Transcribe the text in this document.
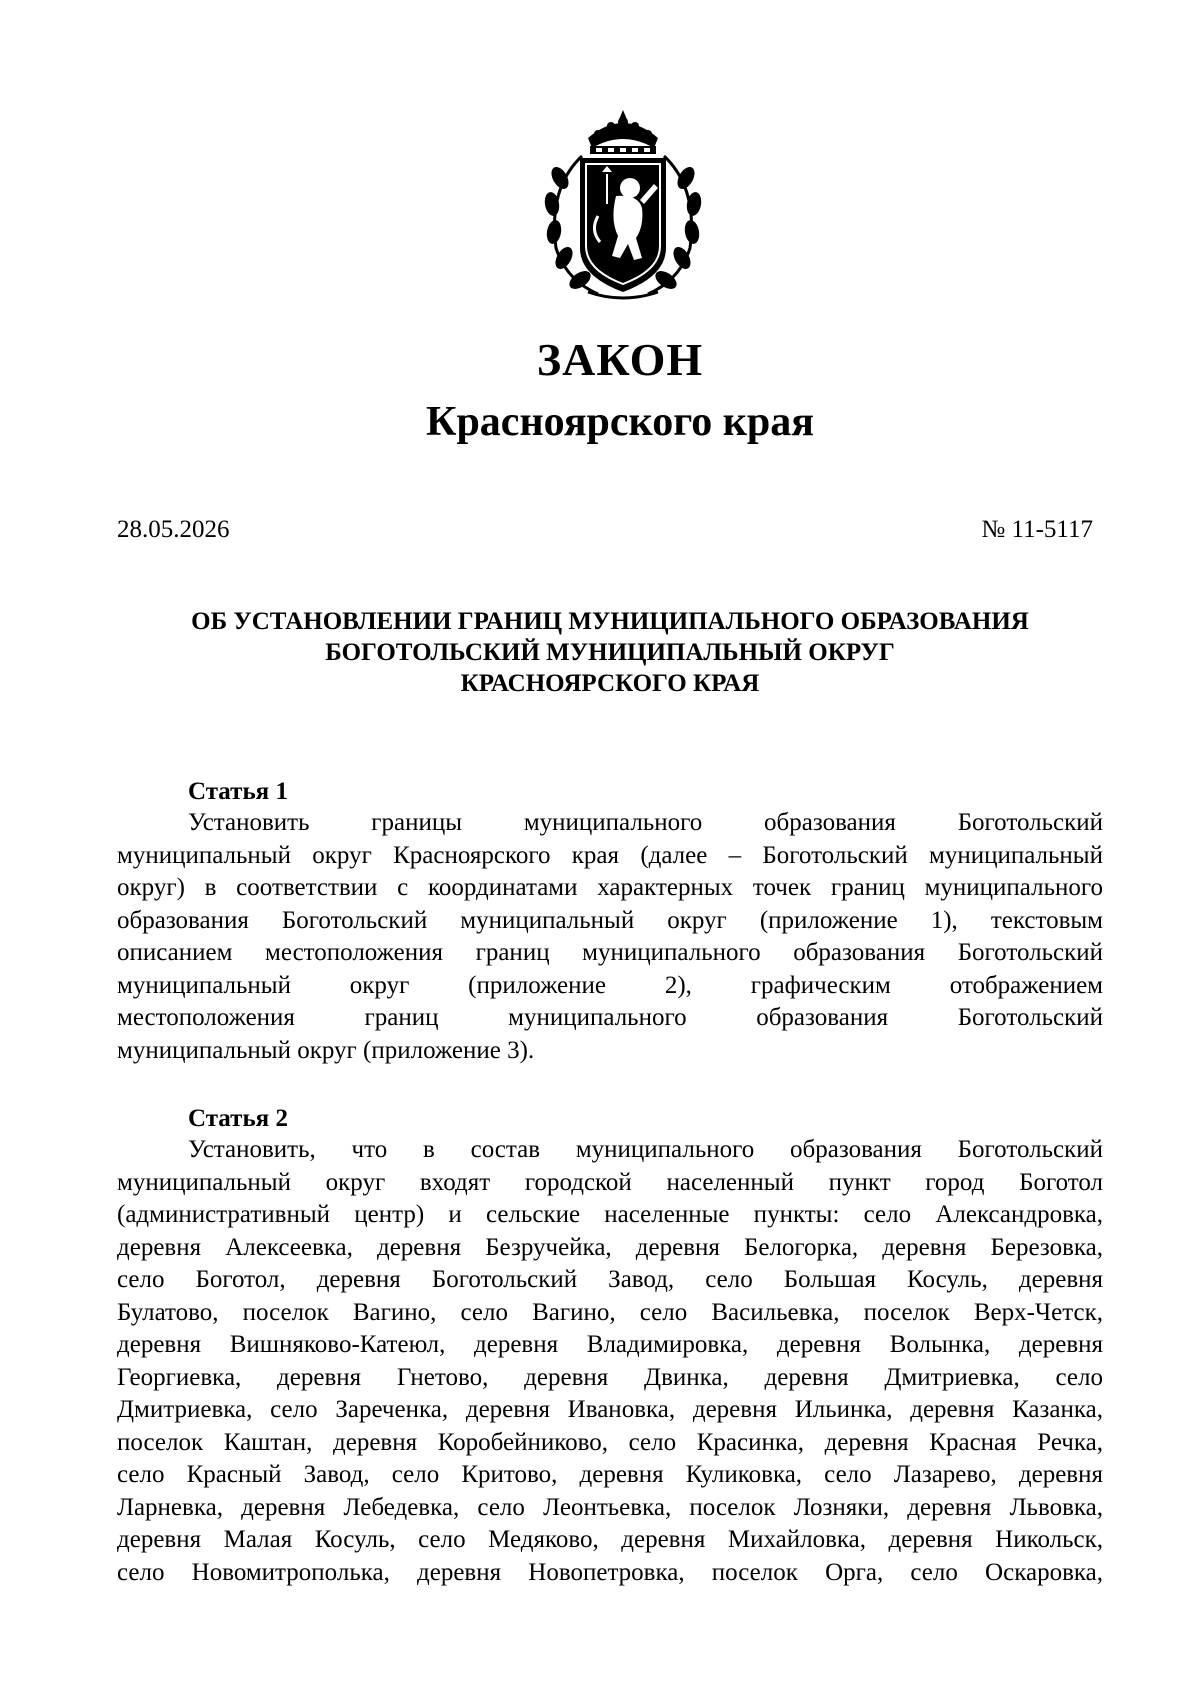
ЗАКОН
Красноярского края
28.05.2026	№ 11-5117
ОБ УСТАНОВЛЕНИИ ГРАНИЦ МУНИЦИПАЛЬНОГО ОБРАЗОВАНИЯ
БОГОТОЛЬСКИЙ МУНИЦИПАЛЬНЫЙ ОКРУГ
КРАСНОЯРСКОГО КРАЯ
Статья 1

Установить границы муниципального образования Боготольский
муниципальный округ Красноярского края (далее – Боготольский муниципальный
округ) в соответствии с координатами характерных точек границ муниципального
образования Боготольский муниципальный округ (приложение 1), текстовым
описанием местоположения границ муниципального образования Боготольский
муниципальный округ (приложение 2), графическим отображением
местоположения границ муниципального образования Боготольский
муниципальный округ (приложение 3).

Статья 2

Установить, что в состав муниципального образования Боготольский
муниципальный округ входят городской населенный пункт город Боготол
(административный центр) и сельские населенные пункты: село Александровка,
деревня Алексеевка, деревня Безручейка, деревня Белогорка, деревня Березовка,
село Боготол, деревня Боготольский Завод, село Большая Косуль, деревня
Булатово, поселок Вагино, село Вагино, село Васильевка, поселок Верх-Четск,
деревня Вишняково-Катеюл, деревня Владимировка, деревня Волынка, деревня
Георгиевка, деревня Гнетово, деревня Двинка, деревня Дмитриевка, село
Дмитриевка, село Зареченка, деревня Ивановка, деревня Ильинка, деревня Казанка,
поселок Каштан, деревня Коробейниково, село Красинка, деревня Красная Речка,
село Красный Завод, село Критово, деревня Куликовка, село Лазарево, деревня
Ларневка, деревня Лебедевка, село Леонтьевка, поселок Лозняки, деревня Львовка,
деревня Малая Косуль, село Медяково, деревня Михайловка, деревня Никольск,
село Новомитрополька, деревня Новопетровка, поселок Орга, село Оскаровка,
